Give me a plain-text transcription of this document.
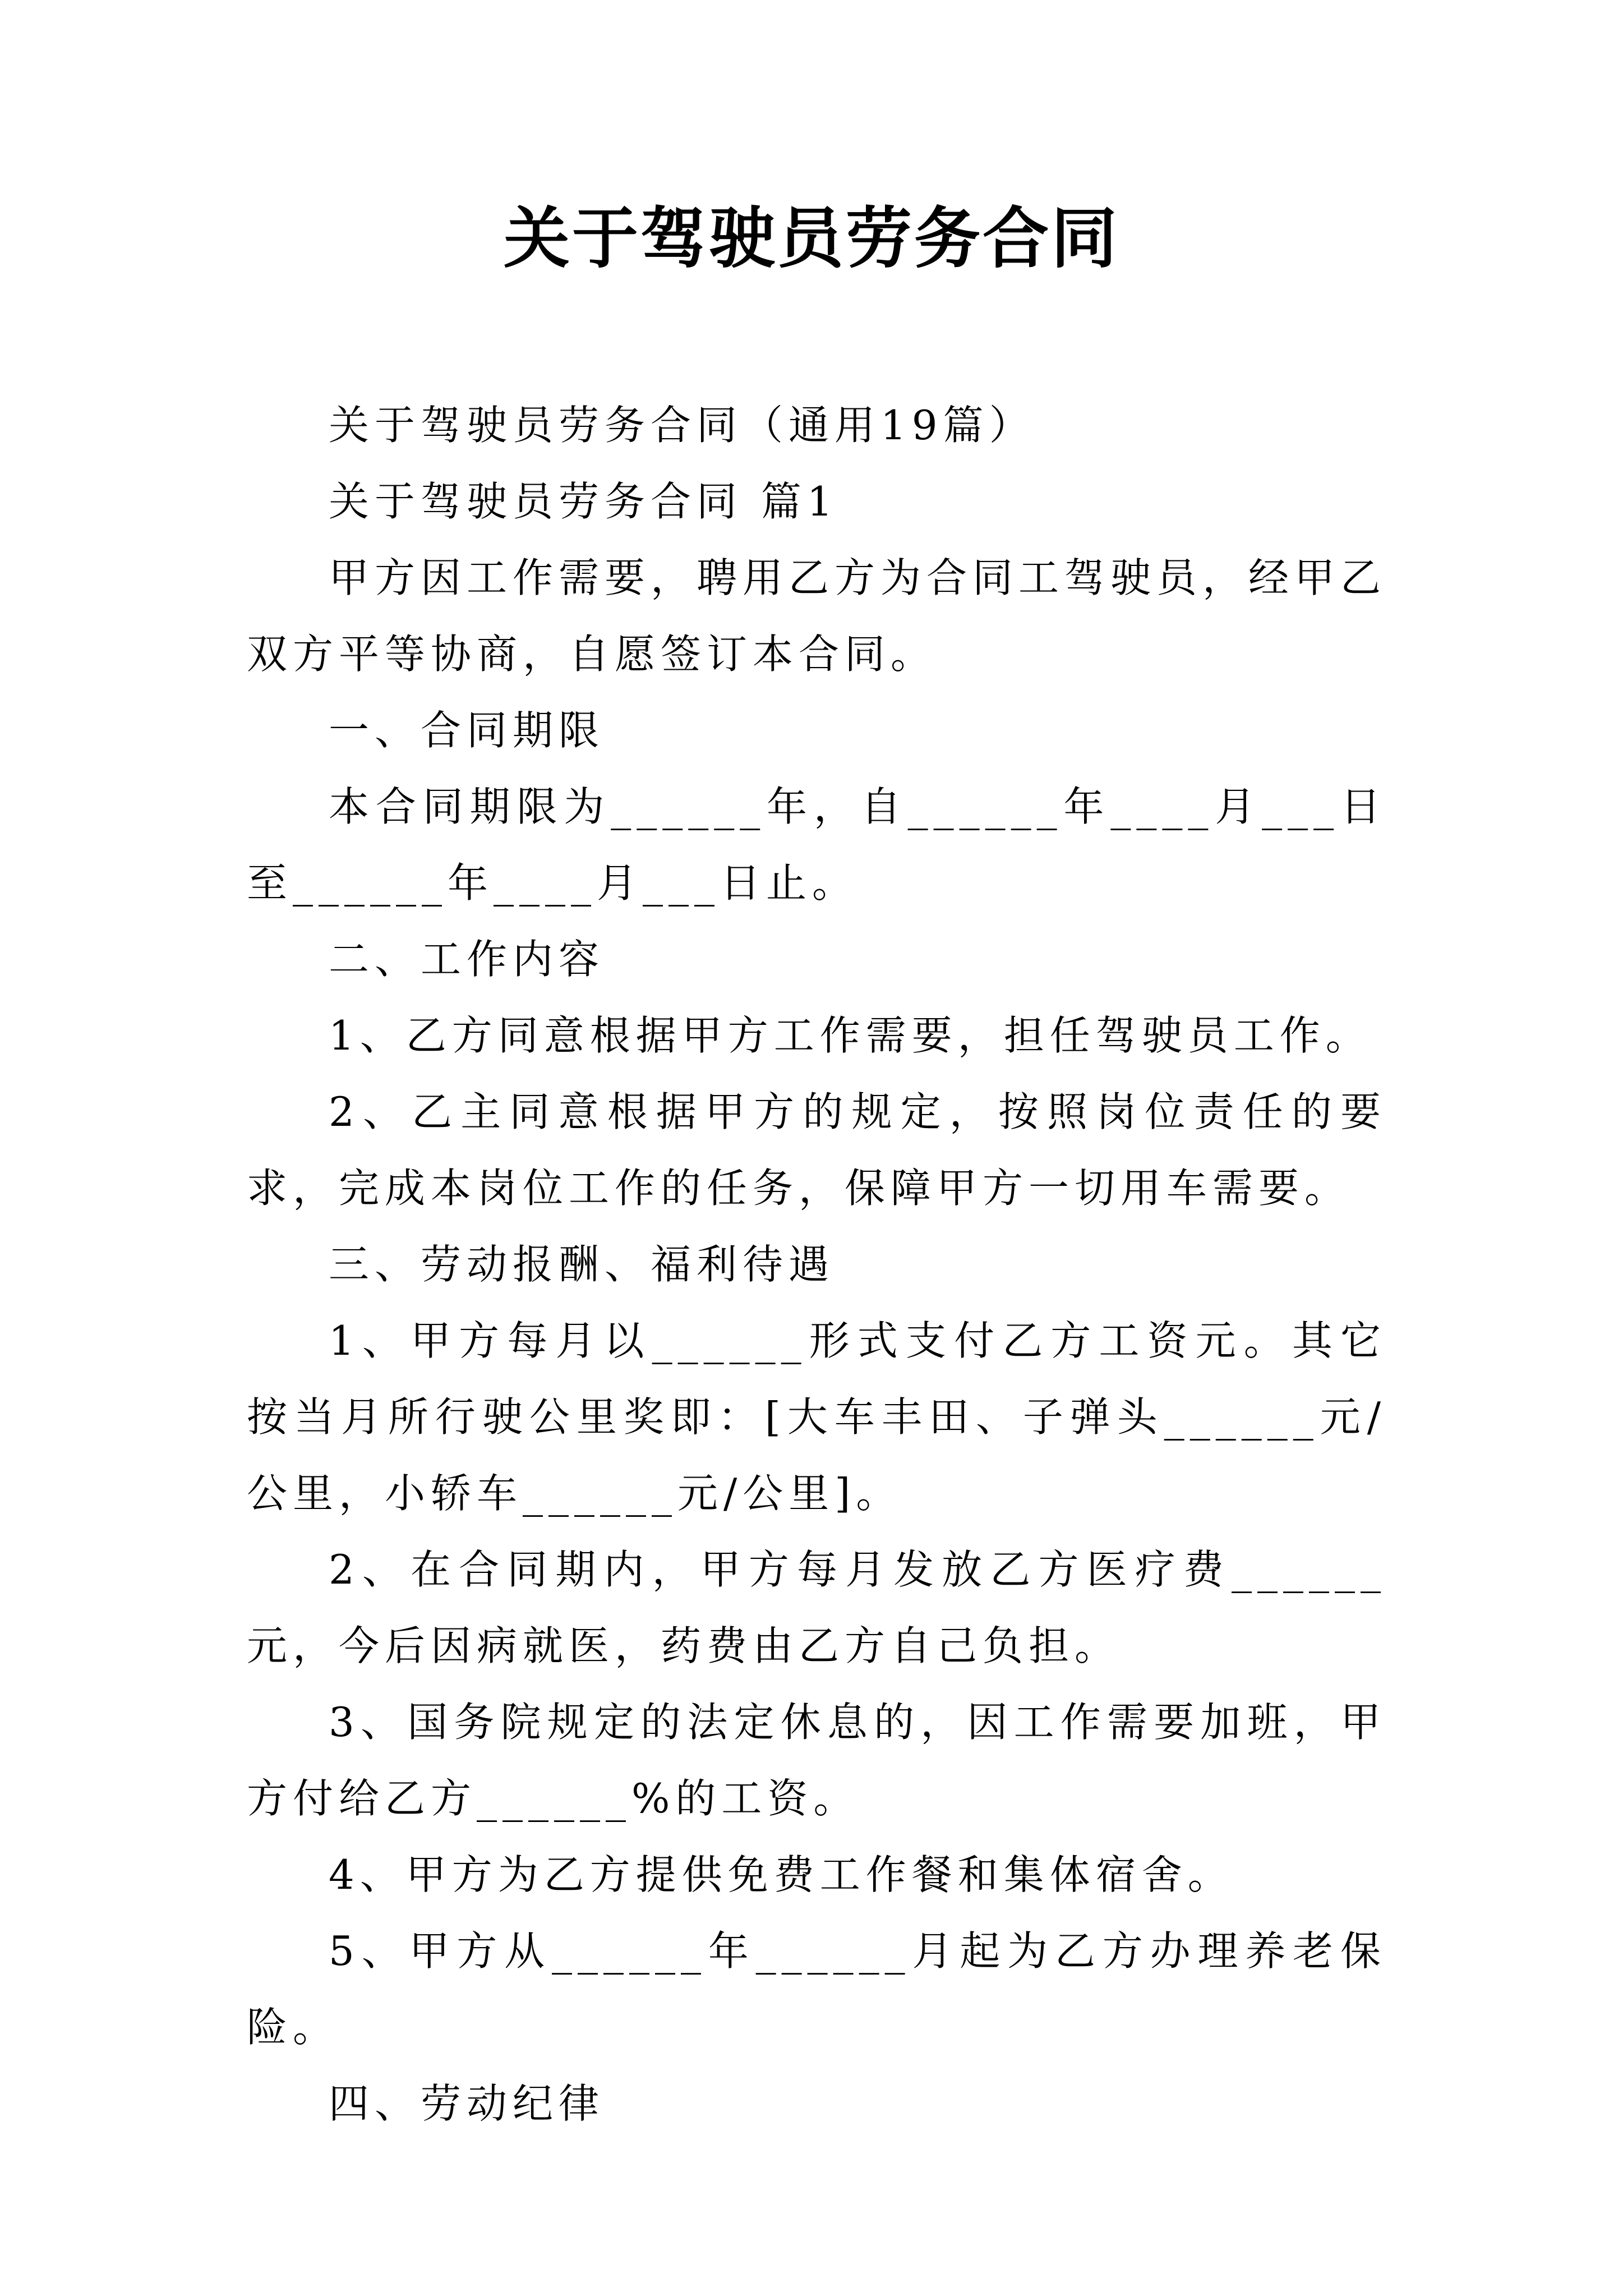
关于驾驶员劳务合同

关于驾驶员劳务合同（通用19篇）

关于驾驶员劳务合同 篇1

甲方因工作需要，聘用乙方为合同工驾驶员，经甲乙双方平等协商，自愿签订本合同。

一、合同期限

本合同期限为______年，自______年____月___日至______年____月___日止。

二、工作内容

1、乙方同意根据甲方工作需要，担任驾驶员工作。

2、乙主同意根据甲方的规定，按照岗位责任的要求，完成本岗位工作的任务，保障甲方一切用车需要。

三、劳动报酬、福利待遇

1、甲方每月以______形式支付乙方工资元。其它按当月所行驶公里奖即：[大车丰田、子弹头______元/公里，小轿车______元/公里]。

2、在合同期内，甲方每月发放乙方医疗费______元，今后因病就医，药费由乙方自己负担。

3、国务院规定的法定休息的，因工作需要加班，甲方付给乙方______%的工资。

4、甲方为乙方提供免费工作餐和集体宿舍。

5、甲方从______年______月起为乙方办理养老保险。

四、劳动纪律
